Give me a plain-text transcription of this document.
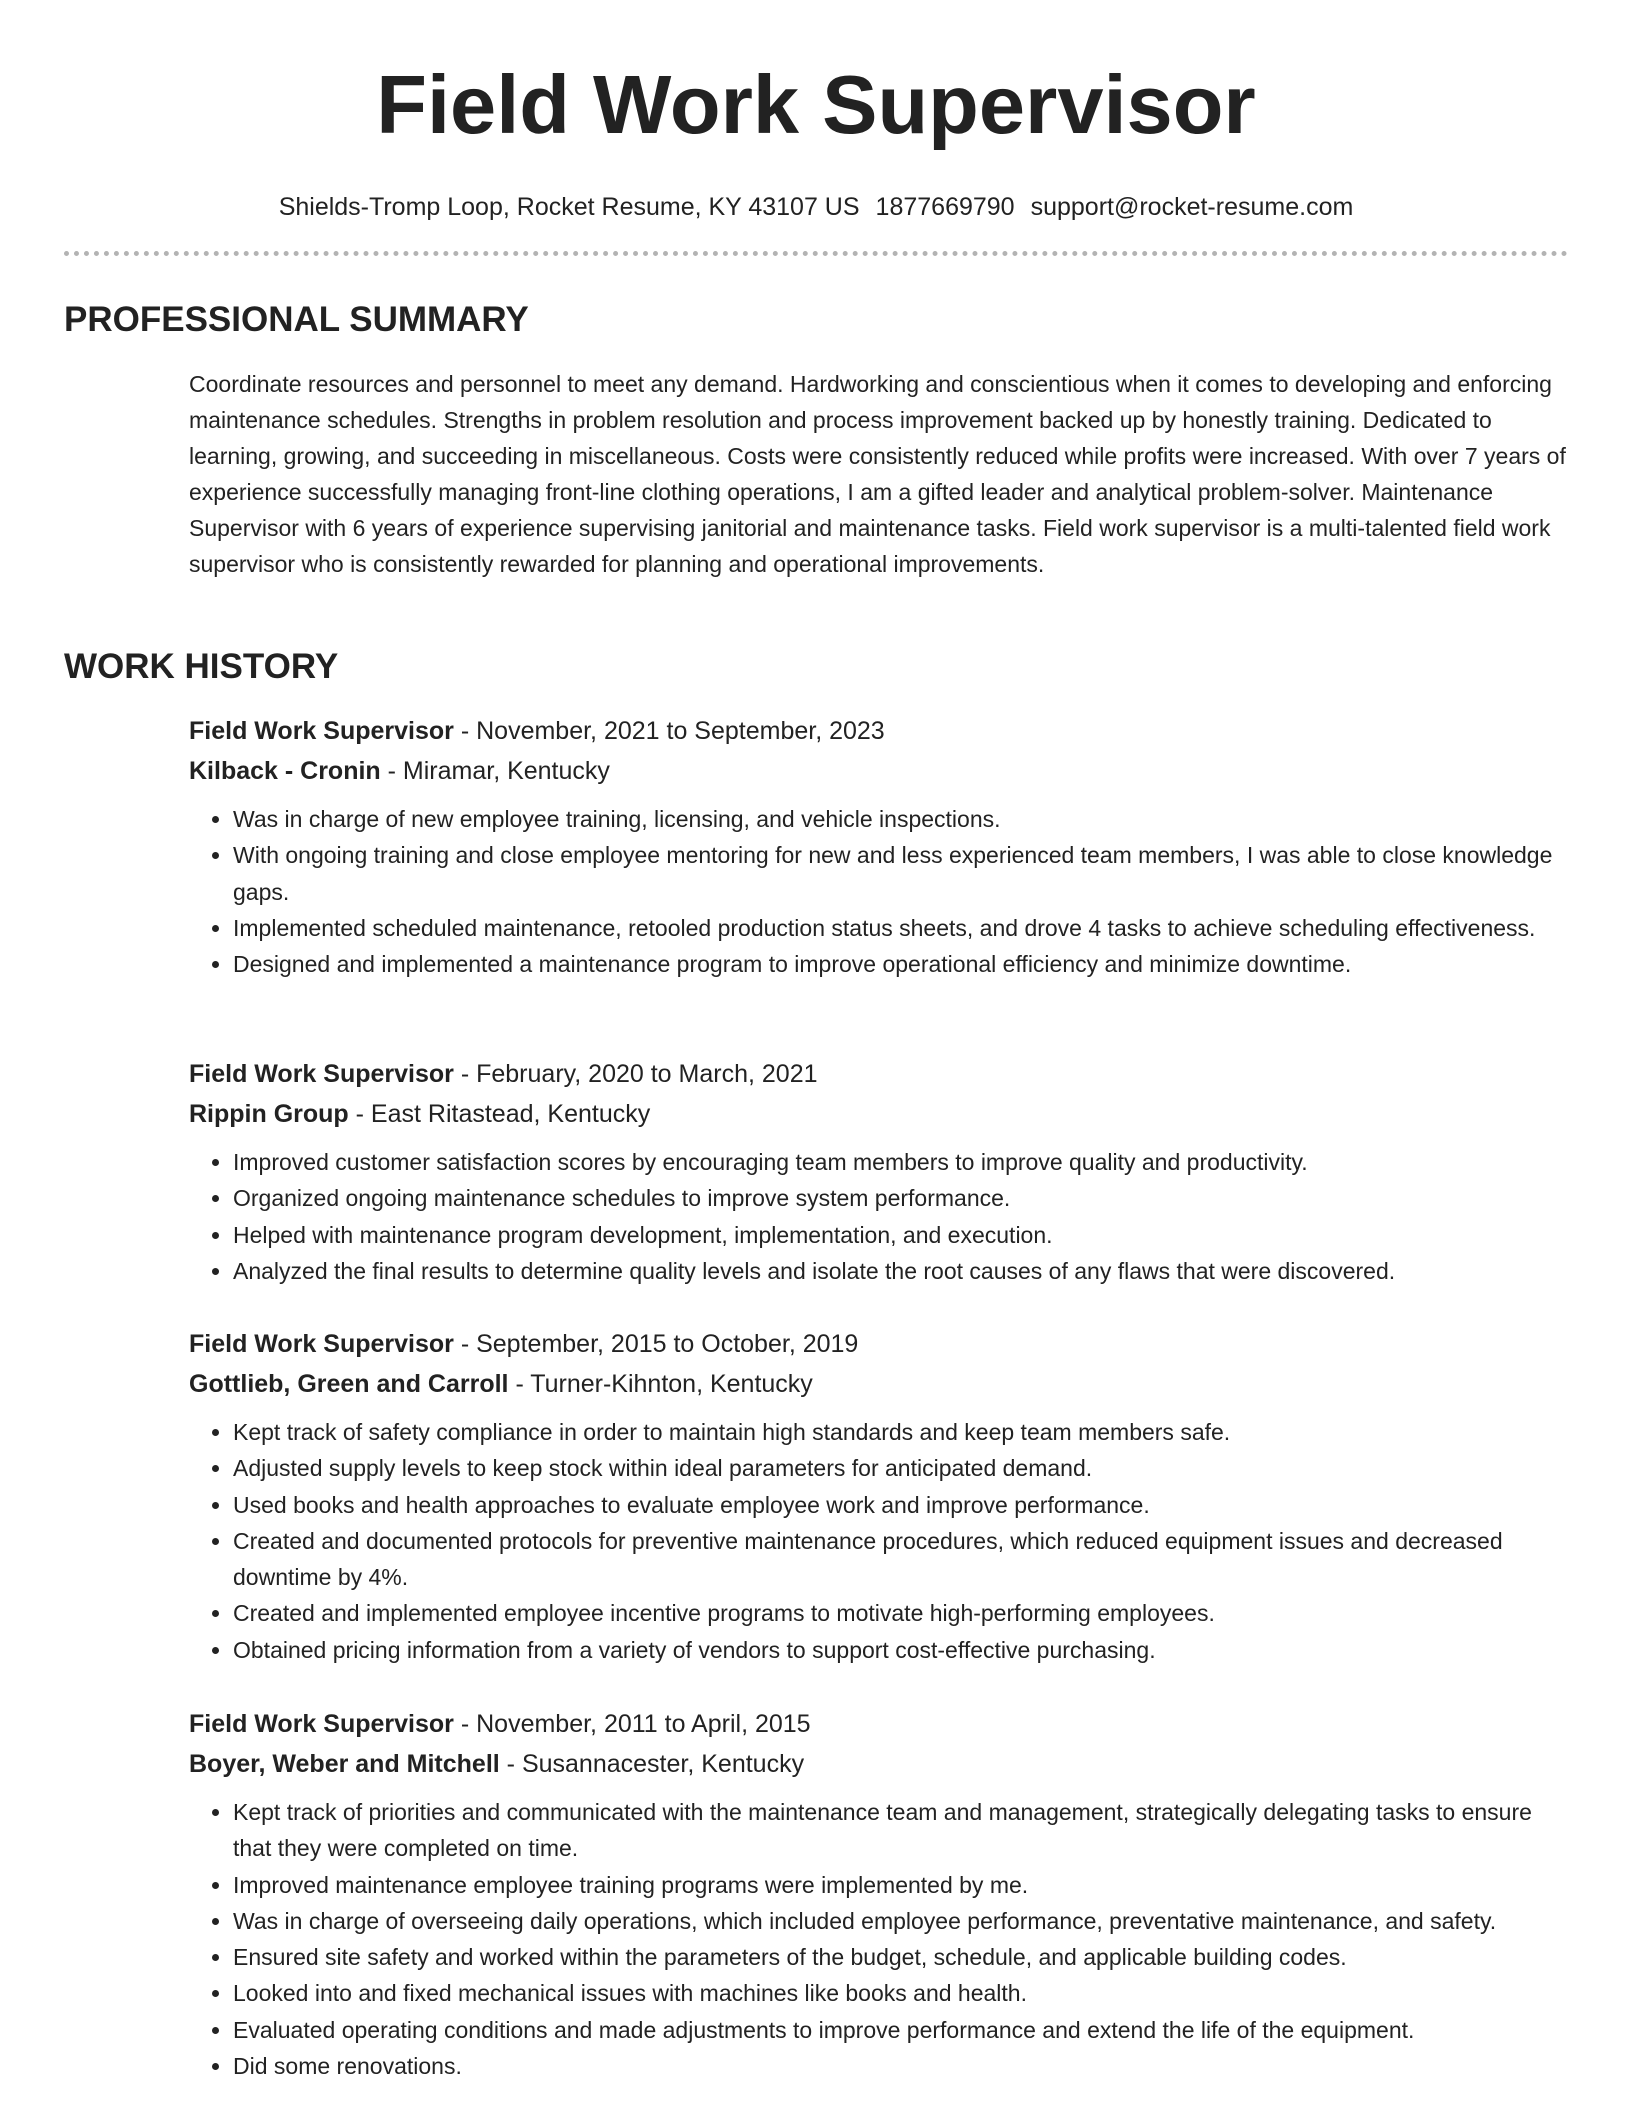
Field Work Supervisor
Shields-Tromp Loop, Rocket Resume, KY 43107 US 1877669790 support@rocket-resume.com
PROFESSIONAL SUMMARY

Coordinate resources and personnel to meet any demand. Hardworking and conscientious when it comes to developing and enforcing maintenance schedules. Strengths in problem resolution and process improvement backed up by honestly training. Dedicated to learning, growing, and succeeding in miscellaneous. Costs were consistently reduced while profits were increased. With over 7 years of experience successfully managing front-line clothing operations, I am a gifted leader and analytical problem-solver. Maintenance Supervisor with 6 years of experience supervising janitorial and maintenance tasks. Field work supervisor is a multi-talented field work supervisor who is consistently rewarded for planning and operational improvements.

WORK HISTORY
Field Work Supervisor - November, 2021 to September, 2023
Kilback - Cronin - Miramar, Kentucky
• Was in charge of new employee training, licensing, and vehicle inspections.
• With ongoing training and close employee mentoring for new and less experienced team members, I was able to close knowledge gaps.
• Implemented scheduled maintenance, retooled production status sheets, and drove 4 tasks to achieve scheduling effectiveness.
• Designed and implemented a maintenance program to improve operational efficiency and minimize downtime.
Field Work Supervisor - February, 2020 to March, 2021
Rippin Group - East Ritastead, Kentucky
• Improved customer satisfaction scores by encouraging team members to improve quality and productivity.
• Organized ongoing maintenance schedules to improve system performance.
• Helped with maintenance program development, implementation, and execution.
• Analyzed the final results to determine quality levels and isolate the root causes of any flaws that were discovered.
Field Work Supervisor - September, 2015 to October, 2019
Gottlieb, Green and Carroll - Turner-Kihnton, Kentucky
• Kept track of safety compliance in order to maintain high standards and keep team members safe.
• Adjusted supply levels to keep stock within ideal parameters for anticipated demand.
• Used books and health approaches to evaluate employee work and improve performance.
• Created and documented protocols for preventive maintenance procedures, which reduced equipment issues and decreased downtime by 4%.
• Created and implemented employee incentive programs to motivate high-performing employees.
• Obtained pricing information from a variety of vendors to support cost-effective purchasing.
Field Work Supervisor - November, 2011 to April, 2015
Boyer, Weber and Mitchell - Susannacester, Kentucky
• Kept track of priorities and communicated with the maintenance team and management, strategically delegating tasks to ensure that they were completed on time.
• Improved maintenance employee training programs were implemented by me.
• Was in charge of overseeing daily operations, which included employee performance, preventative maintenance, and safety.
• Ensured site safety and worked within the parameters of the budget, schedule, and applicable building codes.
• Looked into and fixed mechanical issues with machines like books and health.
• Evaluated operating conditions and made adjustments to improve performance and extend the life of the equipment.
• Did some renovations.
